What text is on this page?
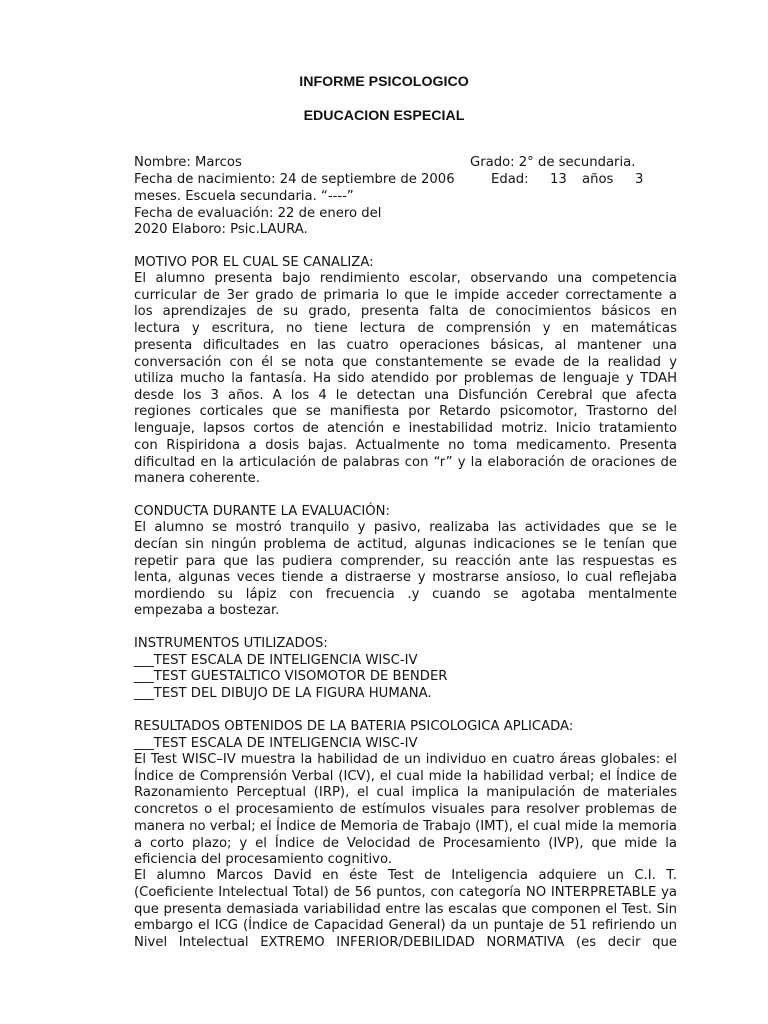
INFORME PSICOLOGICO
EDUCACION ESPECIAL
Nombre: Marcos	Grado: 2° de secundaria.
Fecha de nacimiento: 24 de septiembre de 2006	Edad: 13 años 3
meses. Escuela secundaria. “----”
Fecha de evaluación: 22 de enero del
2020 Elaboro: Psic.LAURA.
MOTIVO POR EL CUAL SE CANALIZA:
El alumno presenta bajo rendimiento escolar, observando una competencia
curricular de 3er grado de primaria lo que le impide acceder correctamente a
los aprendizajes de su grado, presenta falta de conocimientos básicos en
lectura y escritura, no tiene lectura de comprensión y en matemáticas
presenta dificultades en las cuatro operaciones básicas, al mantener una
conversación con él se nota que constantemente se evade de la realidad y
utiliza mucho la fantasía. Ha sido atendido por problemas de lenguaje y TDAH
desde los 3 años. A los 4 le detectan una Disfunción Cerebral que afecta
regiones corticales que se manifiesta por Retardo psicomotor, Trastorno del
lenguaje, lapsos cortos de atención e inestabilidad motriz. Inicio tratamiento
con Rispiridona a dosis bajas. Actualmente no toma medicamento. Presenta
dificultad en la articulación de palabras con “r” y la elaboración de oraciones de
manera coherente.
CONDUCTA DURANTE LA EVALUACIÓN:
El alumno se mostró tranquilo y pasivo, realizaba las actividades que se le
decían sin ningún problema de actitud, algunas indicaciones se le tenían que
repetir para que las pudiera comprender, su reacción ante las respuestas es
lenta, algunas veces tiende a distraerse y mostrarse ansioso, lo cual reflejaba
mordiendo su lápiz con frecuencia .y cuando se agotaba mentalmente
empezaba a bostezar.
INSTRUMENTOS UTILIZADOS:
___TEST ESCALA DE INTELIGENCIA WISC-IV
___TEST GUESTALTICO VISOMOTOR DE BENDER
___TEST DEL DIBUJO DE LA FIGURA HUMANA.
RESULTADOS OBTENIDOS DE LA BATERIA PSICOLOGICA APLICADA:
___TEST ESCALA DE INTELIGENCIA WISC-IV
El Test WISC–IV muestra la habilidad de un individuo en cuatro áreas globales: el
Índice de Comprensión Verbal (ICV), el cual mide la habilidad verbal; el Índice de
Razonamiento Perceptual (IRP), el cual implica la manipulación de materiales
concretos o el procesamiento de estímulos visuales para resolver problemas de
manera no verbal; el Índice de Memoria de Trabajo (IMT), el cual mide la memoria
a corto plazo; y el Índice de Velocidad de Procesamiento (IVP), que mide la
eficiencia del procesamiento cognitivo.
El alumno Marcos David en éste Test de Inteligencia adquiere un C.I. T.
(Coeficiente Intelectual Total) de 56 puntos, con categoría NO INTERPRETABLE ya
que presenta demasiada variabilidad entre las escalas que componen el Test. Sin
embargo el ICG (Índice de Capacidad General) da un puntaje de 51 refiriendo un
Nivel Intelectual EXTREMO INFERIOR/DEBILIDAD NORMATIVA (es decir que
